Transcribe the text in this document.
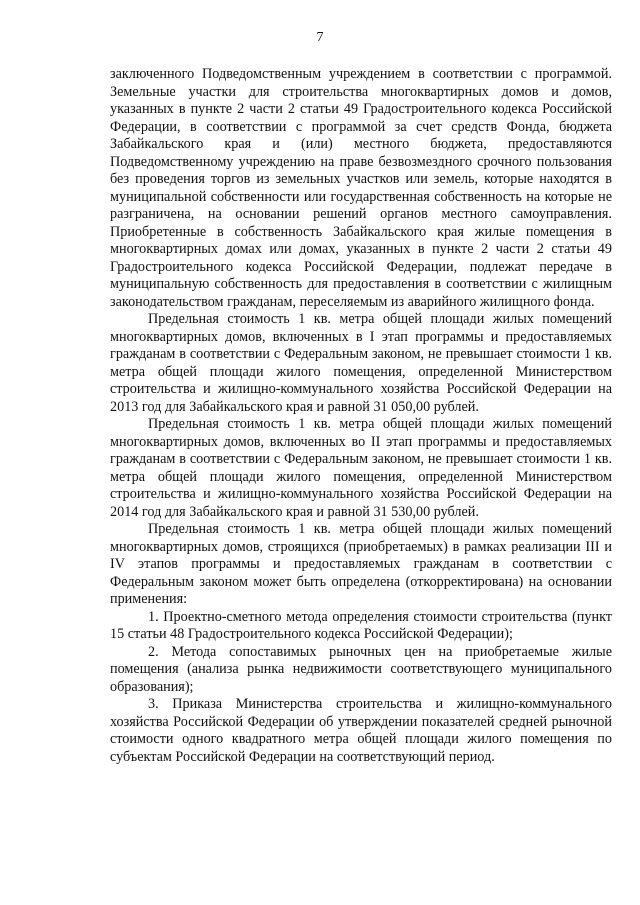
7

заключенного Подведомственным учреждением в соответствии с программой. Земельные участки для строительства многоквартирных домов и домов, указанных в пункте 2 части 2 статьи 49 Градостроительного кодекса Российской Федерации, в соответствии с программой за счет средств Фонда, бюджета Забайкальского края и (или) местного бюджета, предоставляются Подведомственному учреждению на праве безвозмездного срочного пользования без проведения торгов из земельных участков или земель, которые находятся в муниципальной собственности или государственная собственность на которые не разграничена, на основании решений органов местного самоуправления. Приобретенные в собственность Забайкальского края жилые помещения в многоквартирных домах или домах, указанных в пункте 2 части 2 статьи 49 Градостроительного кодекса Российской Федерации, подлежат передаче в муниципальную собственность для предоставления в соответствии с жилищным законодательством гражданам, переселяемым из аварийного жилищного фонда.

Предельная стоимость 1 кв. метра общей площади жилых помещений многоквартирных домов, включенных в I этап программы и предоставляемых гражданам в соответствии с Федеральным законом, не превышает стоимости 1 кв. метра общей площади жилого помещения, определенной Министерством строительства и жилищно-коммунального хозяйства Российской Федерации на 2013 год для Забайкальского края и равной 31 050,00 рублей.

Предельная стоимость 1 кв. метра общей площади жилых помещений многоквартирных домов, включенных во II этап программы и предоставляемых гражданам в соответствии с Федеральным законом, не превышает стоимости 1 кв. метра общей площади жилого помещения, определенной Министерством строительства и жилищно-коммунального хозяйства Российской Федерации на 2014 год для Забайкальского края и равной 31 530,00 рублей.

Предельная стоимость 1 кв. метра общей площади жилых помещений многоквартирных домов, строящихся (приобретаемых) в рамках реализации III и IV этапов программы и предоставляемых гражданам в соответствии с Федеральным законом может быть определена (откорректирована) на основании применения:

1. Проектно-сметного метода определения стоимости строительства (пункт 15 статьи 48 Градостроительного кодекса Российской Федерации);

2. Метода сопоставимых рыночных цен на приобретаемые жилые помещения (анализа рынка недвижимости соответствующего муниципального образования);

3. Приказа Министерства строительства и жилищно-коммунального хозяйства Российской Федерации об утверждении показателей средней рыночной стоимости одного квадратного метра общей площади жилого помещения по субъектам Российской Федерации на соответствующий период.
